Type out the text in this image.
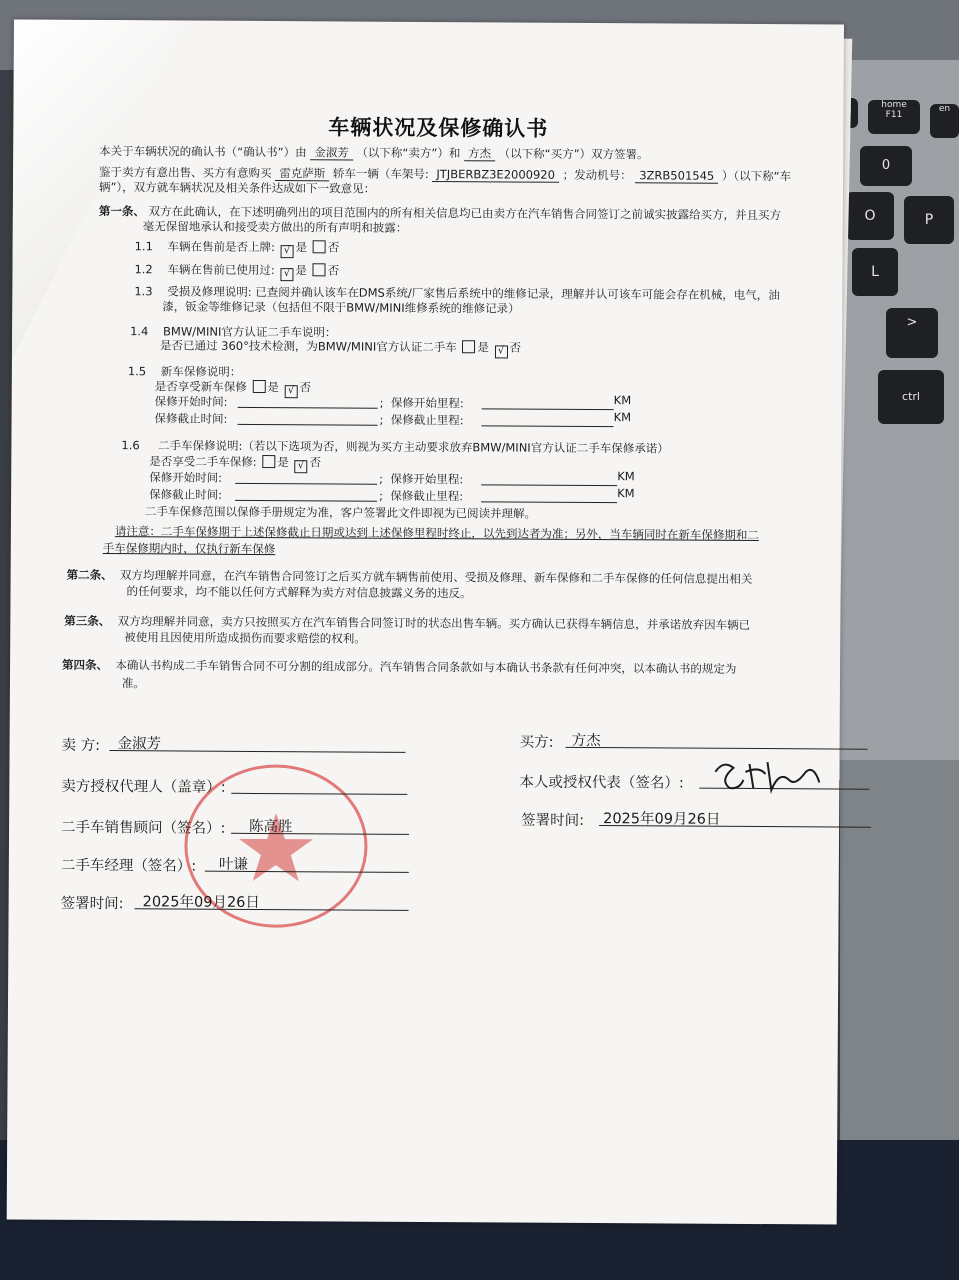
home
F11
en
0
O	P
L
>
ctrl
车辆状况及保修确认书
本关于车辆状况的确认书（“确认书”）由 金淑芳 （以下称“卖方”）和 方杰 （以下称“买方”）双方签署。
鉴于卖方有意出售、买方有意购买 雷克萨斯 轿车一辆（车架号: JTJBERBZ3E2000920 ；发动机号： 3ZRB501545 ）（以下称“车
辆”），双方就车辆状况及相关条件达成如下一致意见：
第一条、 双方在此确认，在下述明确列出的项目范围内的所有相关信息均已由卖方在汽车销售合同签订之前诚实披露给买方，并且买方
毫无保留地承认和接受卖方做出的所有声明和披露：
1.1 车辆在售前是否上牌: √ 是 否
1.2 车辆在售前已使用过: √ 是 否
1.3 受损及修理说明: 已查阅并确认该车在DMS系统/厂家售后系统中的维修记录，理解并认可该车可能会存在机械，电气，油
漆，钣金等维修记录（包括但不限于BMW/MINI维修系统的维修记录）
1.4 BMW/MINI官方认证二手车说明：
是否已通过 360°技术检测，为BMW/MINI官方认证二手车 是 √ 否
1.5 新车保修说明：
是否享受新车保修 是 √ 否
保修开始时间:	; 保修开始里程:	KM
保修截止时间:	; 保修截止里程:	KM
1.6 二手车保修说明:（若以下选项为否，则视为买方主动要求放弃BMW/MINI官方认证二手车保修承诺）
是否享受二手车保修: 是 √ 否
保修开始时间:	; 保修开始里程:	KM
保修截止时间:	; 保修截止里程:	KM
二手车保修范围以保修手册规定为准，客户签署此文件即视为已阅读并理解。
请注意：二手车保修期于上述保修截止日期或达到上述保修里程时终止，以先到达者为准；另外，当车辆同时在新车保修期和二
手车保修期内时，仅执行新车保修
第二条、 双方均理解并同意，在汽车销售合同签订之后买方就车辆售前使用、受损及修理、新车保修和二手车保修的任何信息提出相关
的任何要求，均不能以任何方式解释为卖方对信息披露义务的违反。
第三条、 双方均理解并同意，卖方只按照买方在汽车销售合同签订时的状态出售车辆。买方确认已获得车辆信息，并承诺放弃因车辆已
被使用且因使用所造成损伤而要求赔偿的权利。
第四条、 本确认书构成二手车销售合同不可分割的组成部分。汽车销售合同条款如与本确认书条款有任何冲突，以本确认书的规定为
准。
卖 方: 金淑芳
卖方授权代理人（盖章）:
二手车销售顾问（签名）: 陈高胜
二手车经理（签名）: 叶谦
签署时间: 2025年09月26日
买方: 方杰
本人或授权代表（签名）:
签署时间: 2025年09月26日
